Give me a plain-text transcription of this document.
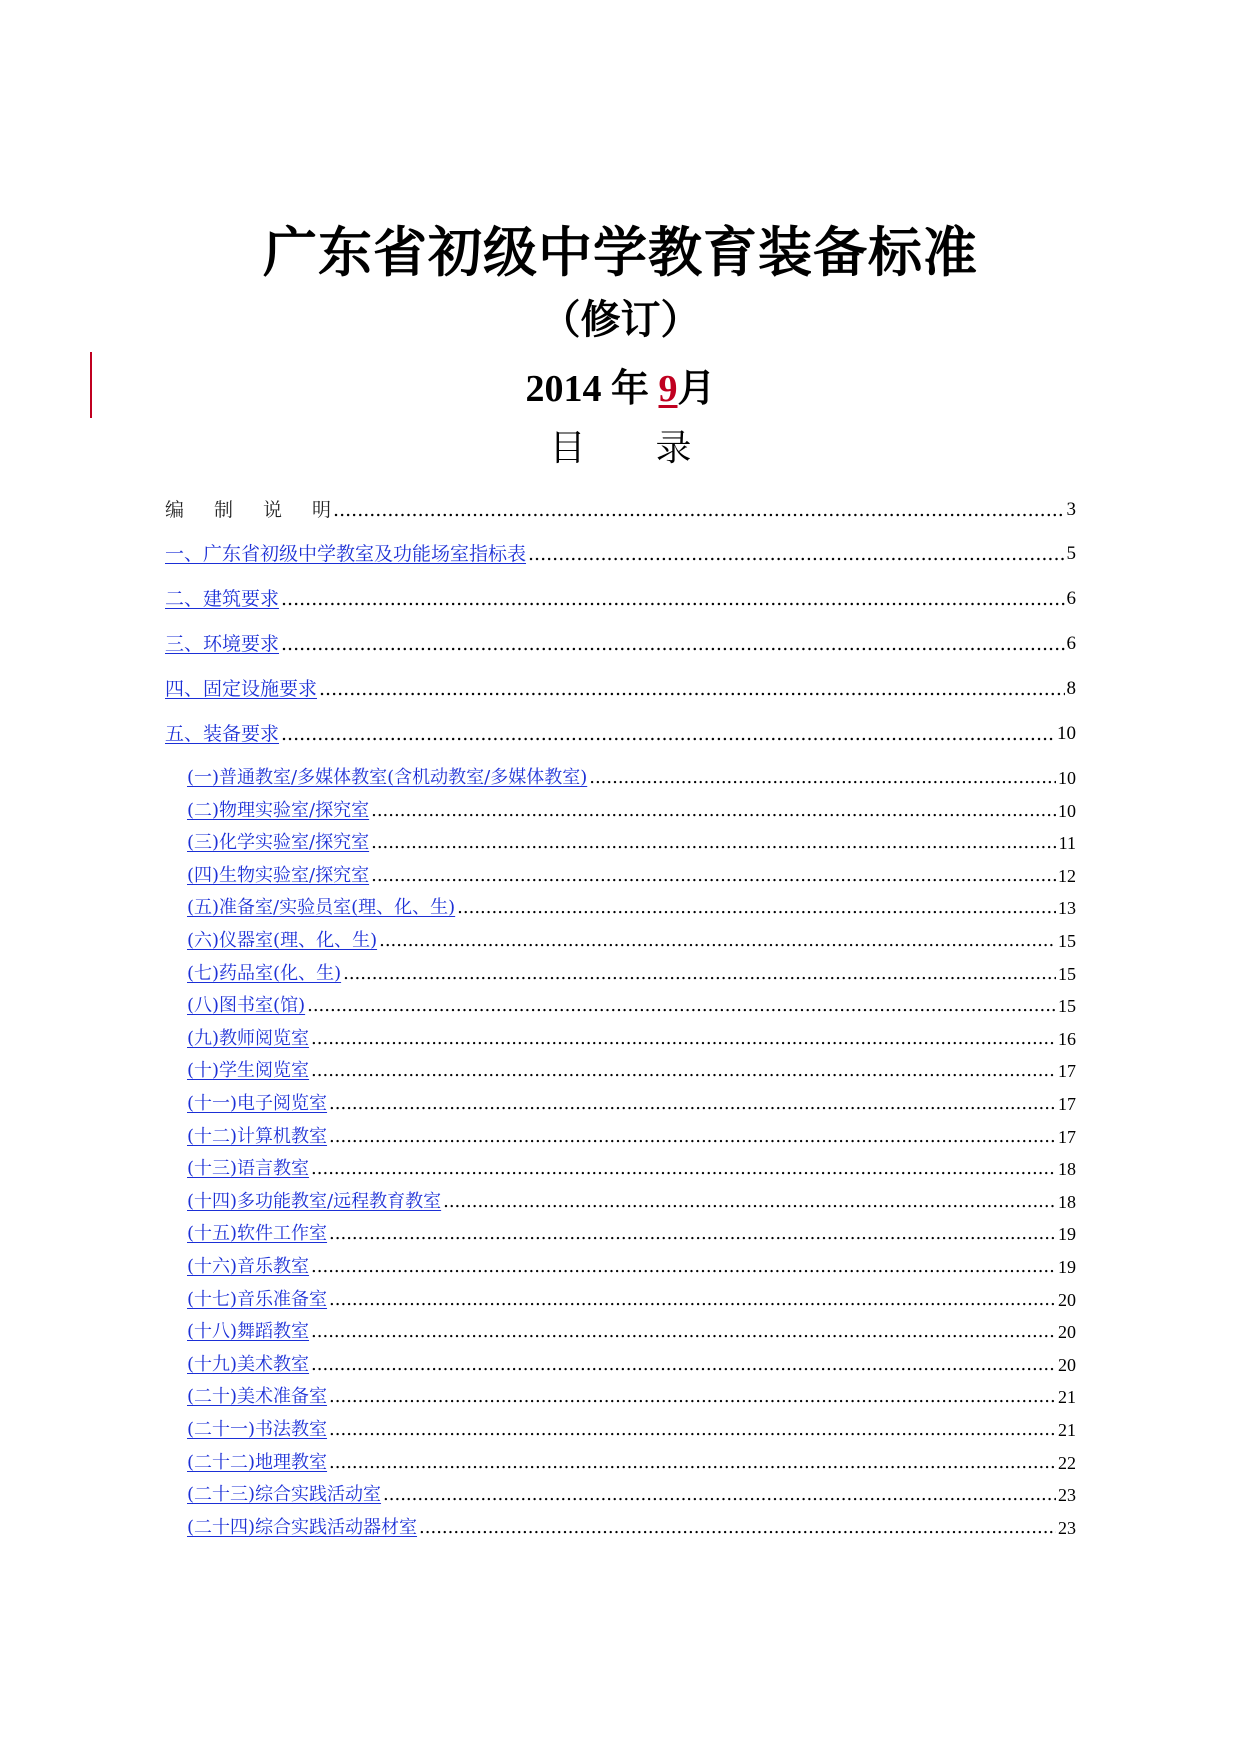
广东省初级中学教育装备标准
（修订）
2014 年 9月
目 录
编制说明 .....	3
一、广东省初级中学教室及功能场室指标表 .....	5
二、建筑要求 .....	6
三、环境要求 .....	6
四、固定设施要求 .....	8
五、装备要求 .....	10
(一)普通教室/多媒体教室(含机动教室/多媒体教室) .....	10
(二)物理实验室/探究室 .....	10
(三)化学实验室/探究室 .....	11
(四)生物实验室/探究室 .....	12
(五)准备室/实验员室(理、化、生) .....	13
(六)仪器室(理、化、生) .....	15
(七)药品室(化、生) .....	15
(八)图书室(馆) .....	15
(九)教师阅览室 .....	16
(十)学生阅览室 .....	17
(十一)电子阅览室 .....	17
(十二)计算机教室 .....	17
(十三)语言教室 .....	18
(十四)多功能教室/远程教育教室 .....	18
(十五)软件工作室 .....	19
(十六)音乐教室 .....	19
(十七)音乐准备室 .....	20
(十八)舞蹈教室 .....	20
(十九)美术教室 .....	20
(二十)美术准备室 .....	21
(二十一)书法教室 .....	21
(二十二)地理教室 .....	22
(二十三)综合实践活动室 .....	23
(二十四)综合实践活动器材室 .....	23
